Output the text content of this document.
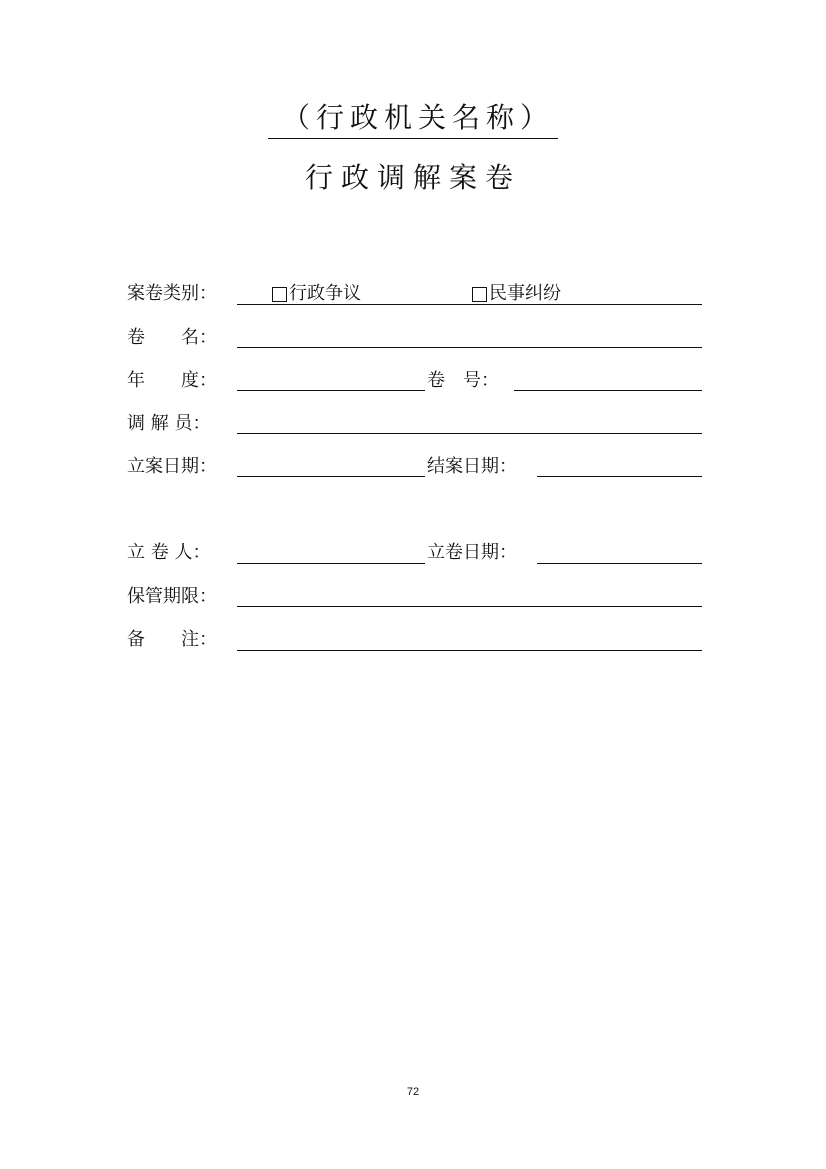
（行政机关名称）
行政调解案卷
案卷类别：	行政争议	民事纠纷
卷　　名：
年　　度：	卷　号：
调 解 员：
立案日期：	结案日期：
立 卷 人：	立卷日期：
保管期限：
备　　注：
72
